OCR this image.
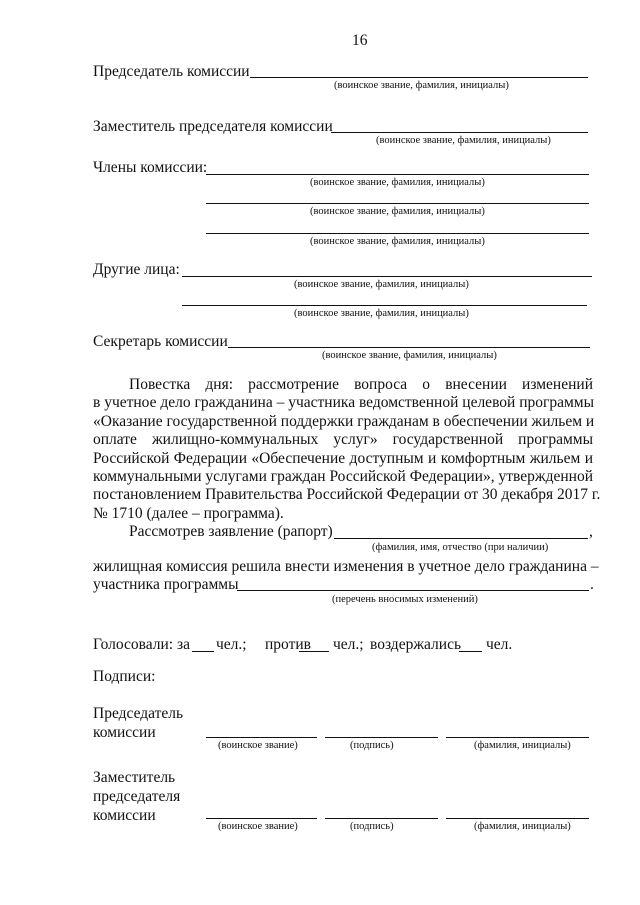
16
Председатель комиссии
(воинское звание, фамилия, инициалы)
Заместитель председателя комиссии
(воинское звание, фамилия, инициалы)
Члены комиссии:
(воинское звание, фамилия, инициалы)
(воинское звание, фамилия, инициалы)
(воинское звание, фамилия, инициалы)
Другие лица:
(воинское звание, фамилия, инициалы)
(воинское звание, фамилия, инициалы)
Секретарь комиссии
(воинское звание, фамилия, инициалы)
Повестка дня: рассмотрение вопроса о внесении изменений
в учетное дело гражданина – участника ведомственной целевой программы
«Оказание государственной поддержки гражданам в обеспечении жильем и
оплате жилищно-коммунальных услуг» государственной программы
Российской Федерации «Обеспечение доступным и комфортным жильем и
коммунальными услугами граждан Российской Федерации», утвержденной
постановлением Правительства Российской Федерации от 30 декабря 2017 г.
№ 1710 (далее – программа).
Рассмотрев заявление (рапорт)	,
(фамилия, имя, отчество (при наличии)
жилищная комиссия решила внести изменения в учетное дело гражданина –
участника программы	.
(перечень вносимых изменений)
Голосовали: за чел.; против чел.; воздержались чел.
Подписи:
Председатель
комиссии
(воинское звание)	(подпись)	(фамилия, инициалы)
Заместитель
председателя
комиссии
(воинское звание)	(подпись)	(фамилия, инициалы)
